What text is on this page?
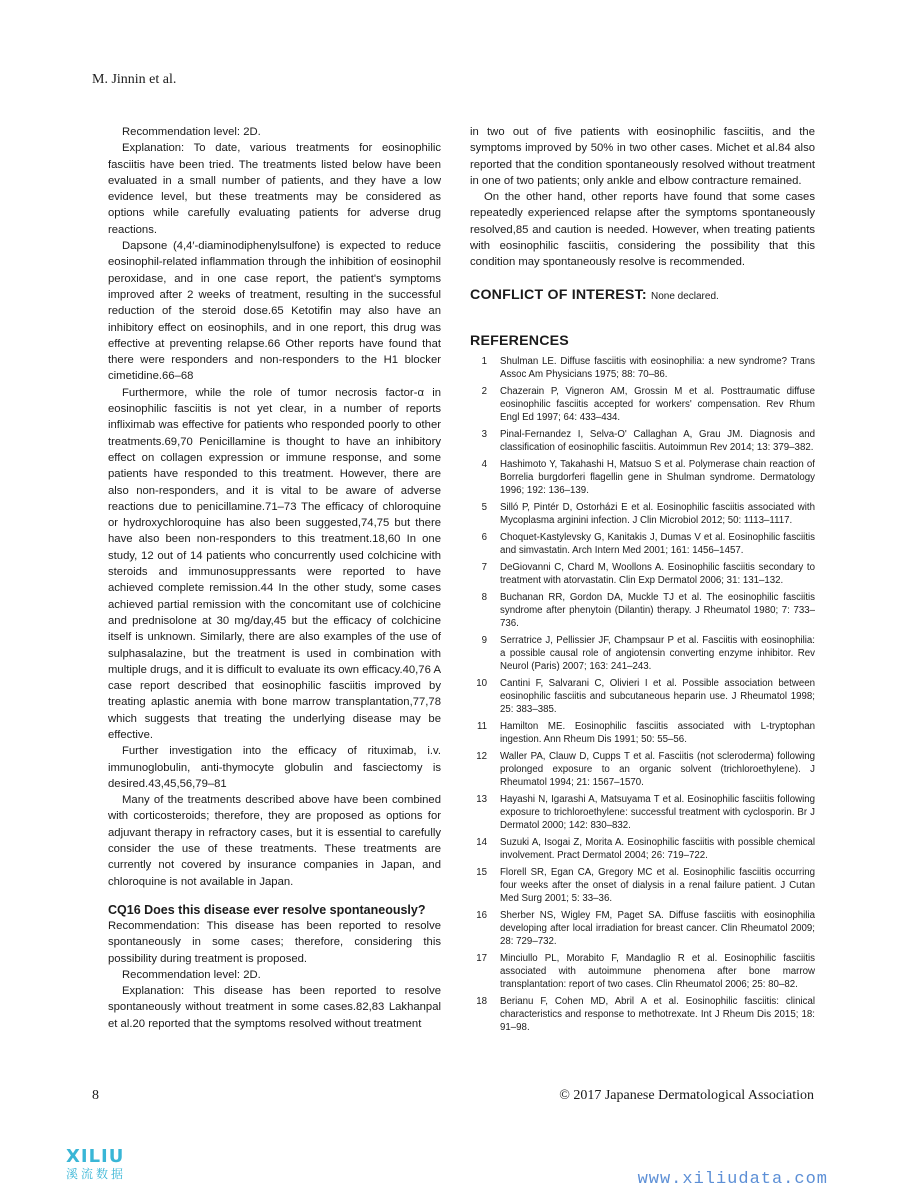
M. Jinnin et al.

Recommendation level: 2D.

Explanation: To date, various treatments for eosinophilic fasciitis have been tried. The treatments listed below have been evaluated in a small number of patients, and they have a low evidence level, but these treatments may be considered as options while carefully evaluating patients for adverse drug reactions.

Dapsone (4,4′-diaminodiphenylsulfone) is expected to reduce eosinophil-related inflammation through the inhibition of eosinophil peroxidase, and in one case report, the patient's symptoms improved after 2 weeks of treatment, resulting in the successful reduction of the steroid dose.65 Ketotifin may also have an inhibitory effect on eosinophils, and in one report, this drug was effective at preventing relapse.66 Other reports have found that there were responders and non-responders to the H1 blocker cimetidine.66–68

Furthermore, while the role of tumor necrosis factor-α in eosinophilic fasciitis is not yet clear, in a number of reports infliximab was effective for patients who responded poorly to other treatments.69,70 Penicillamine is thought to have an inhibitory effect on collagen expression or immune response, and some patients have responded to this treatment. However, there are also non-responders, and it is vital to be aware of adverse reactions due to penicillamine.71–73 The efficacy of chloroquine or hydroxychloroquine has also been suggested,74,75 but there have also been non-responders to this treatment.18,60 In one study, 12 out of 14 patients who concurrently used colchicine with steroids and immunosuppressants were reported to have achieved complete remission.44 In the other study, some cases achieved partial remission with the concomitant use of colchicine and prednisolone at 30 mg/day,45 but the efficacy of colchicine itself is unknown. Similarly, there are also examples of the use of sulphasalazine, but the treatment is used in combination with multiple drugs, and it is difficult to evaluate its own efficacy.40,76 A case report described that eosinophilic fasciitis improved by treating aplastic anemia with bone marrow transplantation,77,78 which suggests that treating the underlying disease may be effective.

Further investigation into the efficacy of rituximab, i.v. immunoglobulin, anti-thymocyte globulin and fasciectomy is desired.43,45,56,79–81

Many of the treatments described above have been combined with corticosteroids; therefore, they are proposed as options for adjuvant therapy in refractory cases, but it is essential to carefully consider the use of these treatments. These treatments are currently not covered by insurance companies in Japan, and chloroquine is not available in Japan.

CQ16 Does this disease ever resolve spontaneously?

Recommendation: This disease has been reported to resolve spontaneously in some cases; therefore, considering this possibility during treatment is proposed.

Recommendation level: 2D.

Explanation: This disease has been reported to resolve spontaneously without treatment in some cases.82,83 Lakhanpal et al.20 reported that the symptoms resolved without treatment

in two out of five patients with eosinophilic fasciitis, and the symptoms improved by 50% in two other cases. Michet et al.84 also reported that the condition spontaneously resolved without treatment in one of two patients; only ankle and elbow contracture remained.

On the other hand, other reports have found that some cases repeatedly experienced relapse after the symptoms spontaneously resolved,85 and caution is needed. However, when treating patients with eosinophilic fasciitis, considering the possibility that this condition may spontaneously resolve is recommended.

CONFLICT OF INTEREST: None declared.

REFERENCES

1 Shulman LE. Diffuse fasciitis with eosinophilia: a new syndrome? Trans Assoc Am Physicians 1975; 88: 70–86.
2 Chazerain P, Vigneron AM, Grossin M et al. Posttraumatic diffuse eosinophilic fasciitis accepted for workers' compensation. Rev Rhum Engl Ed 1997; 64: 433–434.
3 Pinal-Fernandez I, Selva-O' Callaghan A, Grau JM. Diagnosis and classification of eosinophilic fasciitis. Autoimmun Rev 2014; 13: 379–382.
4 Hashimoto Y, Takahashi H, Matsuo S et al. Polymerase chain reaction of Borrelia burgdorferi flagellin gene in Shulman syndrome. Dermatology 1996; 192: 136–139.
5 Silló P, Pintér D, Ostorházi E et al. Eosinophilic fasciitis associated with Mycoplasma arginini infection. J Clin Microbiol 2012; 50: 1113–1117.
6 Choquet-Kastylevsky G, Kanitakis J, Dumas V et al. Eosinophilic fasciitis and simvastatin. Arch Intern Med 2001; 161: 1456–1457.
7 DeGiovanni C, Chard M, Woollons A. Eosinophilic fasciitis secondary to treatment with atorvastatin. Clin Exp Dermatol 2006; 31: 131–132.
8 Buchanan RR, Gordon DA, Muckle TJ et al. The eosinophilic fasciitis syndrome after phenytoin (Dilantin) therapy. J Rheumatol 1980; 7: 733–736.
9 Serratrice J, Pellissier JF, Champsaur P et al. Fasciitis with eosinophilia: a possible causal role of angiotensin converting enzyme inhibitor. Rev Neurol (Paris) 2007; 163: 241–243.
10 Cantini F, Salvarani C, Olivieri I et al. Possible association between eosinophilic fasciitis and subcutaneous heparin use. J Rheumatol 1998; 25: 383–385.
11 Hamilton ME. Eosinophilic fasciitis associated with L-tryptophan ingestion. Ann Rheum Dis 1991; 50: 55–56.
12 Waller PA, Clauw D, Cupps T et al. Fasciitis (not scleroderma) following prolonged exposure to an organic solvent (trichloroethylene). J Rheumatol 1994; 21: 1567–1570.
13 Hayashi N, Igarashi A, Matsuyama T et al. Eosinophilic fasciitis following exposure to trichloroethylene: successful treatment with cyclosporin. Br J Dermatol 2000; 142: 830–832.
14 Suzuki A, Isogai Z, Morita A. Eosinophilic fasciitis with possible chemical involvement. Pract Dermatol 2004; 26: 719–722.
15 Florell SR, Egan CA, Gregory MC et al. Eosinophilic fasciitis occurring four weeks after the onset of dialysis in a renal failure patient. J Cutan Med Surg 2001; 5: 33–36.
16 Sherber NS, Wigley FM, Paget SA. Diffuse fasciitis with eosinophilia developing after local irradiation for breast cancer. Clin Rheumatol 2009; 28: 729–732.
17 Minciullo PL, Morabito F, Mandaglio R et al. Eosinophilic fasciitis associated with autoimmune phenomena after bone marrow transplantation: report of two cases. Clin Rheumatol 2006; 25: 80–82.
18 Berianu F, Cohen MD, Abril A et al. Eosinophilic fasciitis: clinical characteristics and response to methotrexate. Int J Rheum Dis 2015; 18: 91–98.
8	© 2017 Japanese Dermatological Association
XILIU
溪流数据	www.xiliudata.com
